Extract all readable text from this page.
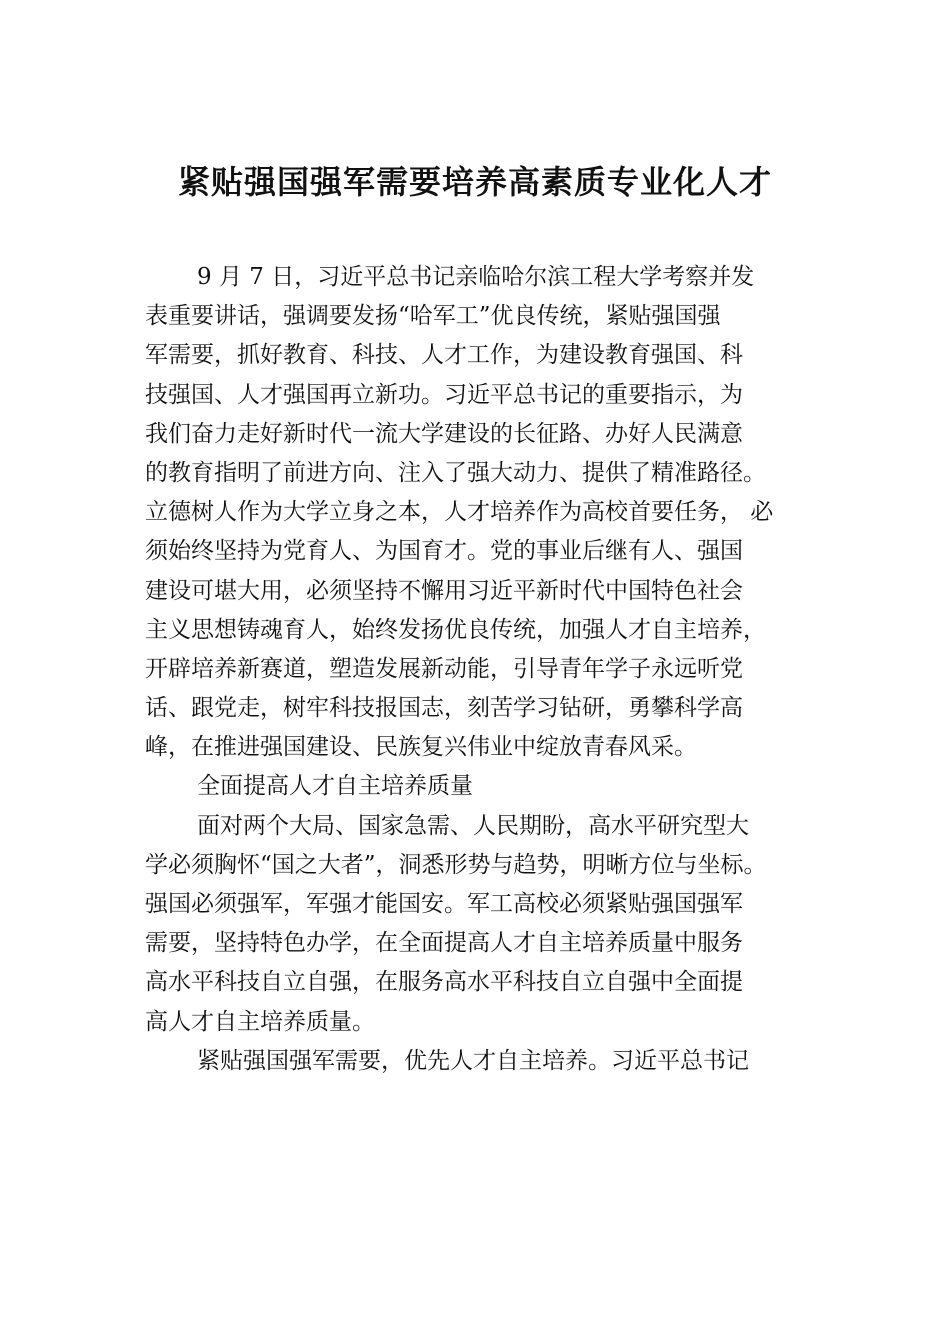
紧贴强国强军需要培养高素质专业化人才
9 月 7 日，习近平总书记亲临哈尔滨工程大学考察并发
表重要讲话，强调要发扬“哈军工”优良传统，紧贴强国强
军需要，抓好教育、科技、人才工作，为建设教育强国、科
技强国、人才强国再立新功。习近平总书记的重要指示，为
我们奋力走好新时代一流大学建设的长征路、办好人民满意
的教育指明了前进方向、注入了强大动力、提供了精准路径。
立德树人作为大学立身之本，人才培养作为高校首要任务， 必
须始终坚持为党育人、为国育才。党的事业后继有人、强国
建设可堪大用，必须坚持不懈用习近平新时代中国特色社会
主义思想铸魂育人，始终发扬优良传统，加强人才自主培养，
开辟培养新赛道，塑造发展新动能，引导青年学子永远听党
话、跟党走，树牢科技报国志，刻苦学习钻研，勇攀科学高
峰，在推进强国建设、民族复兴伟业中绽放青春风采。
全面提高人才自主培养质量
面对两个大局、国家急需、人民期盼，高水平研究型大
学必须胸怀“国之大者”，洞悉形势与趋势，明晰方位与坐标。
强国必须强军，军强才能国安。军工高校必须紧贴强国强军
需要，坚持特色办学，在全面提高人才自主培养质量中服务
高水平科技自立自强，在服务高水平科技自立自强中全面提
高人才自主培养质量。
紧贴强国强军需要，优先人才自主培养。习近平总书记
